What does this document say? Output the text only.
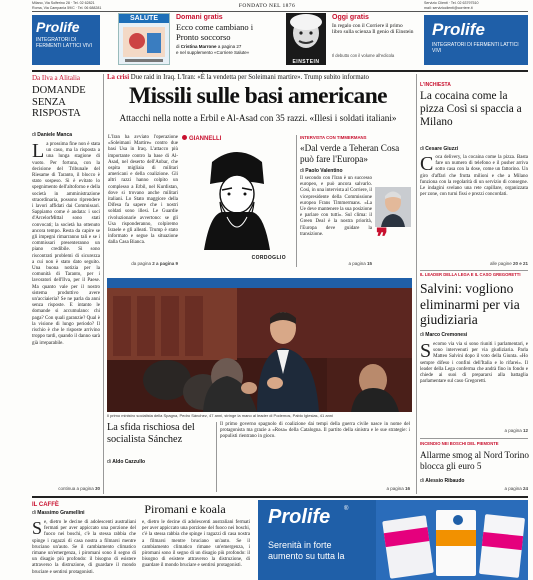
Milano, Via Solferino 28 · Tel. 02 62821
Roma, Via Campania 59/C · Tel. 06 688281
Servizio Clienti · Tel. 02 63797510
mail: servizioclienti@corriere.it
FONDATO NEL 1876
Prolife
INTEGRATORI DI FERMENTI LATTICI VIVI
SALUTE	Domani gratis
Ecco come cambiano i Pronto soccorso
di Cristina Marrone a pagina 27
e nel supplemento «Corriere Salute»
EINSTEIN
Oggi gratis
In regalo con il Corriere il primo libro sulla scienza Il genio di Einstein
Il debutto con il volume all'edicola
Prolife
INTEGRATORI DI FERMENTI LATTICI VIVI
Da Ilva a Alitalia
DOMANDE SENZA RISPOSTA
di Daniele Manca
La prossima fine non è stata un caso, ma la risposta a una lunga stagione di vuoto. Per fortuna, con la decisione del Tribunale del Riesame di Taranto, il blocco è stato sospeso. Si è evitato lo spegnimento dell'altoforno e della società in amministrazione straordinaria, possono riprendere i lavori affidati dai Commissari. Sappiamo come è andata: i soci d'ArcelorMittal sono stati convocati; la società ha ottenuto ancora tempo. Resta da capire se gli impegni rimarranno tali e se i commissari presenteranno un piano credibile. Si sono riscontrati problemi di sicurezza a cui non è stato dato seguito. Una buona notizia per la comunità di Taranto, per i lavoratori dell'Ilva, per il Paese. Ma quanto vale per il nostro sistema produttivo avere un'acciaieria? Se ne parla da anni senza risposte. E intanto le domande si accumulano: chi paga? Con quali garanzie? Qual è la visione di lungo periodo? Il rischio è che le risposte arrivino troppo tardi, quando il danno sarà già irreparabile.
continua a pagina 30
La crisi Due raid in Iraq. L'Iran: «È la vendetta per Soleimani martire». Trump subito informato
Missili sulle basi americane
Attacchi nella notte a Erbil e Al-Asad con 35 razzi. «Illesi i soldati italiani»
L'Iran ha avviato l'operazione «Soleimani Martire» contro due basi Usa in Iraq. L'attacco più importante contro la base di Al-Asad, nel deserto dell'Anbar, che ospita migliaia di militari americani e della coalizione. Gli altri razzi hanno colpito un complesso a Erbil, nel Kurdistan, dove si trovano anche militari italiani. Lo Stato maggiore della Difesa fa sapere che i nostri soldati sono illesi. Le Guardie rivoluzionarie avvertono: se gli Usa risponderanno, colpiremo Israele e gli alleati. Trump è stato informato e segue la situazione dalla Casa Bianca.
da pagina 2 a pagina 9
GIANNELLI
CORDOGLIO
INTERVISTA CON TIMMERMANS
«Dal verde a Teheran Cosa può fare l'Europa»
di Paolo Valentino
Il secondo con l'Iran è un successo europeo, e può ancora salvarlo. Così, in una intervista al Corriere, il vicepresidente della Commissione europea Frans Timmermans. «La Ue deve mantenere la sua posizione e parlare con tutti». Sul clima: il Green Deal è la nostra priorità, l'Europa deve guidare la transizione.	❞
a pagina 15
Il primo ministro socialista della Spagna, Pedro Sánchez, 47 anni, stringe la mano al leader di Podemos, Pablo Iglesias, 41 anni
La sfida rischiosa del socialista Sánchez
di Aldo Cazzullo
Il primo governo spagnolo di coalizione dai tempi della guerra civile nasce in nome del protagonista ma grazie a «Rosa» della Catalogna. Il partito della sinistra e le sue strategie: i populisti rientrano in gioco.
a pagina 16
L'INCHIESTA
La cocaina come la pizza Così si spaccia a Milano
di Cesare Giuzzi
Coca delivery, la cocaina come la pizza. Basta fare un numero di telefono e il pusher arriva sotto casa con la dose, come un fattorino. Un giro d'affari che frutta milioni e che a Milano funziona con la regolarità di un servizio di consegne. Le indagini svelano una rete capillare, organizzata per zone, con turni fissi e prezzi concordati.
alle pagine 20 e 21
IL LEADER DELLA LEGA E IL CASO GREGORETTI
Salvini: vogliono eliminarmi per via giudiziaria
di Marco Cremonesi
Secomo via via si sono riuniti i parlamentari, e sono intervenuti per via giudiziaria. Parla Matteo Salvini dopo il voto della Giunta. «Ho sempre difeso i confini dell'Italia e lo rifarei». Il leader della Lega conferma che andrà fino in fondo e chiede ai suoi di prepararsi alla battaglia parlamentare sul caso Gregoretti.
a pagina 12
INCENDIO NEI BOSCHI DEL PIEMONTE
Allarme smog al Nord Torino blocca gli euro 5
di Alessio Ribaudo
a pagina 24
IL CAFFÈ
di Massimo Gramellini	Piromani e koala
Se, dietro le decine di adolescenti australiani fermati per aver appiccato una porzione del fuoco nei boschi, c'è la stessa rabbia che spinge i ragazzi di casa nostra a filmarsi mentre bruciano un'auto. Se il cambiamento climatico rimane un'emergenza, i piromani sono il segno di un disagio più profondo: il bisogno di esistere attraverso la distruzione, di guardare il mondo bruciare e sentirsi protagonisti.
e, dietro le decine di adolescenti australiani fermati per aver appiccato una porzione del fuoco nei boschi, c'è la stessa rabbia che spinge i ragazzi di casa nostra a filmarsi mentre bruciano un'auto. Se il cambiamento climatico rimane un'emergenza, i piromani sono il segno di un disagio più profondo: il bisogno di esistere attraverso la distruzione, di guardare il mondo bruciare e sentirsi protagonisti.
Prolife ®
Serenità in forte aumento su tutta la
